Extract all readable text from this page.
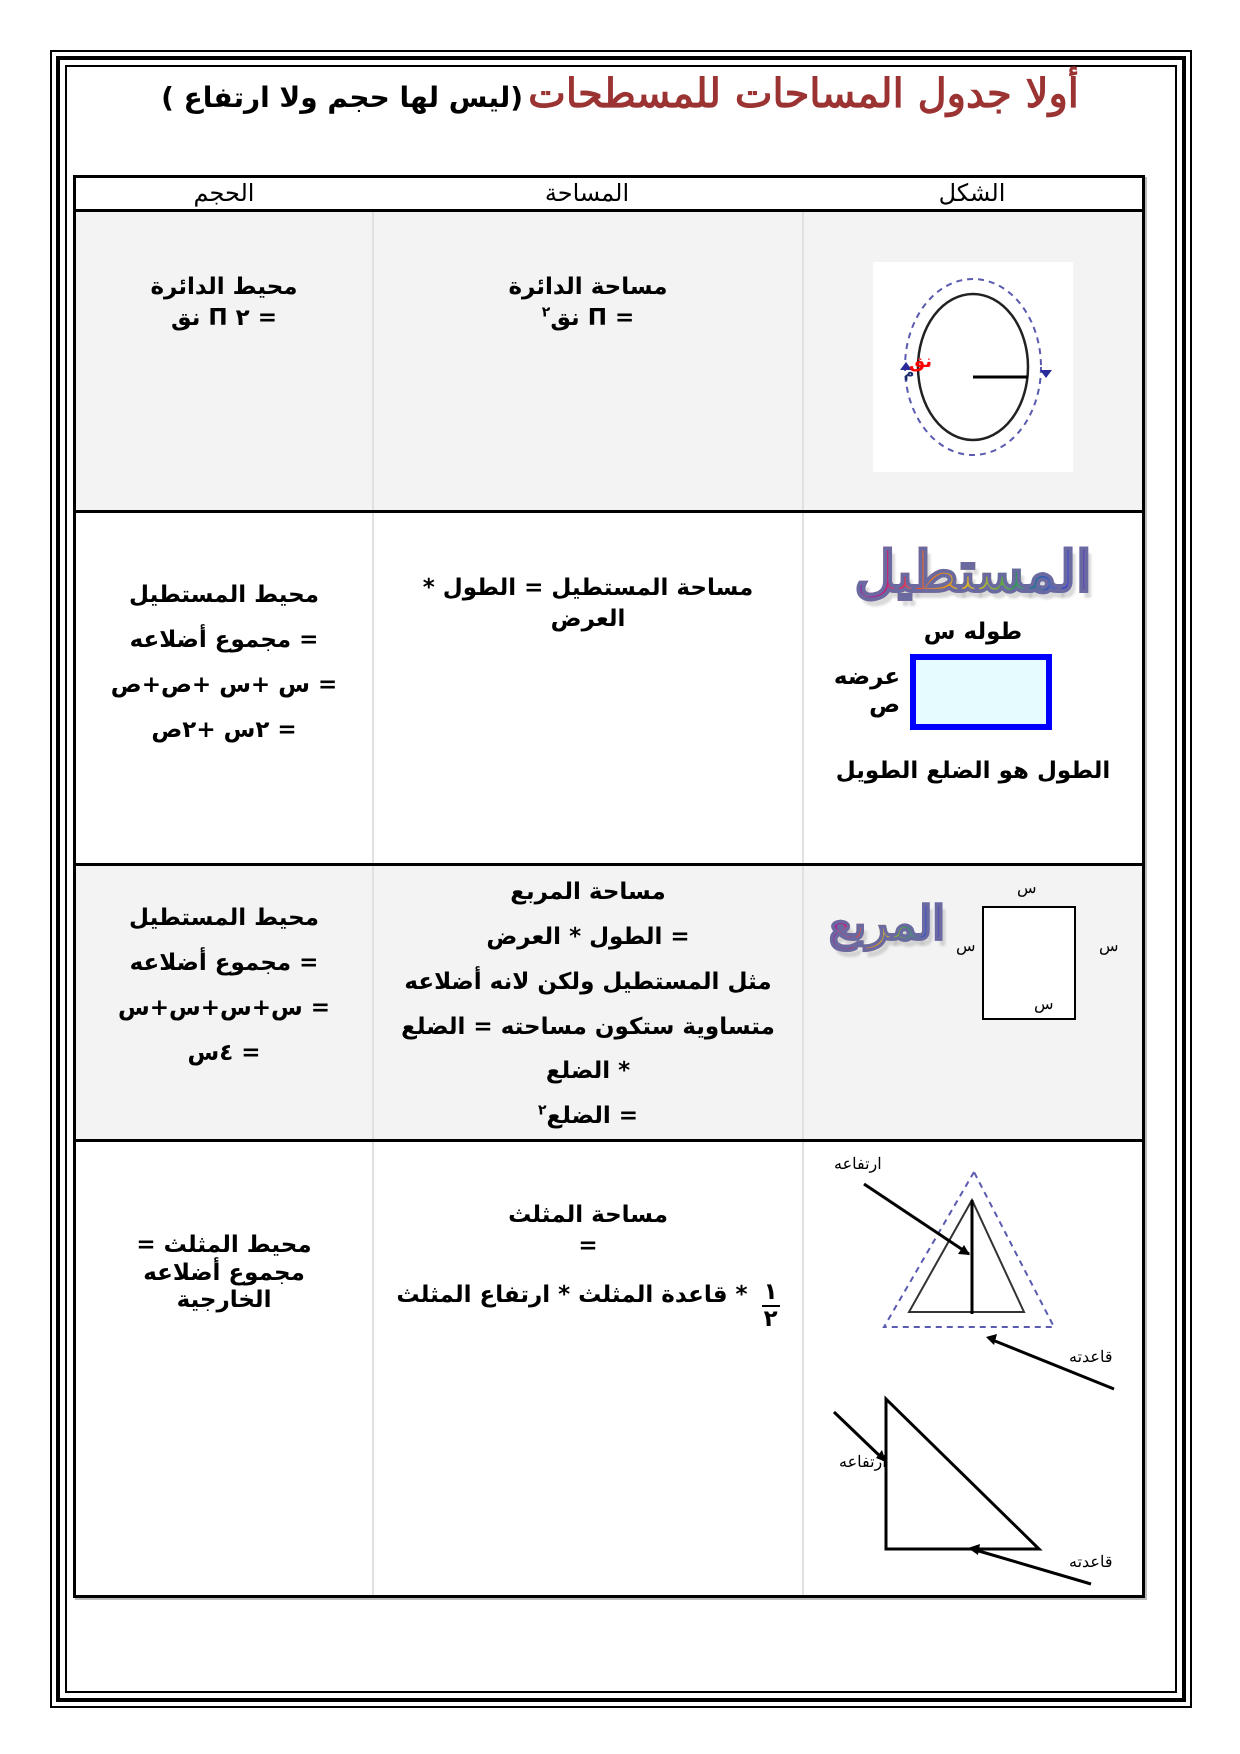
أولا جدول المساحات للمسطحات (ليس لها حجم ولا ارتفاع )
الشكل
المساحة
الحجم
نق
م
مساحة الدائرة
= Π نق$^٢$
محيط الدائرة
= ٢ Π نق
المستطيل
طوله س
عرضه
ص
الطول هو الضلع الطويل
مساحة المستطيل = الطول *
العرض
محيط المستطيل
= مجموع أضلاعه
= س +س +ص+ص
= ٢س +٢ص
المربع
س
س	س
س
مساحة المربع
= الطول * العرض
مثل المستطيل ولكن لانه أضلاعه
متساوية ستكون مساحته = الضلع
* الضلع
= الضلع$^٢$
محيط المستطيل
= مجموع أضلاعه
= س+س+س+س
= ٤س
ارتفاعه
قاعدته
ارتفاعه
قاعدته
مساحة المثلث
=
١
٢
* قاعدة المثلث * ارتفاع المثلث
محيط المثلث =
مجموع أضلاعه
الخارجية
